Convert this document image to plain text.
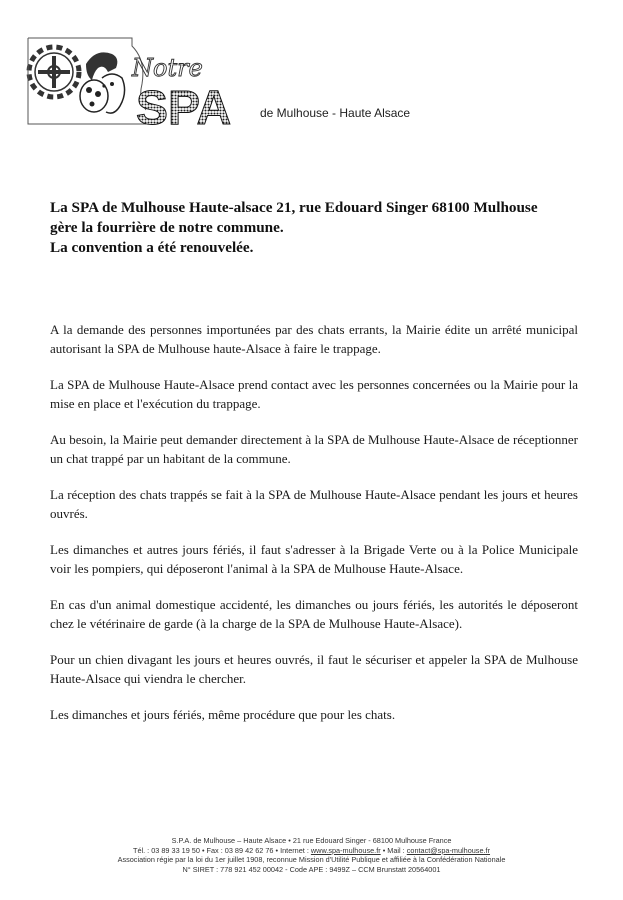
Notre
SPA de Mulhouse - Haute Alsace
La SPA de Mulhouse Haute-alsace 21, rue Edouard Singer 68100 Mulhouse
gère la fourrière de notre commune.
La convention a été renouvelée.

A la demande des personnes importunées par des chats errants, la Mairie édite un arrêté municipal autorisant la SPA de Mulhouse haute-Alsace à faire le trappage.

La SPA de Mulhouse Haute-Alsace prend contact avec les personnes concernées ou la Mairie pour la mise en place et l'exécution du trappage.

Au besoin, la Mairie peut demander directement à la SPA de Mulhouse Haute-Alsace de réceptionner un chat trappé par un habitant de la commune.

La réception des chats trappés se fait à la SPA de Mulhouse Haute-Alsace pendant les jours et heures ouvrés.

Les dimanches et autres jours fériés, il faut s'adresser à la Brigade Verte ou à la Police Municipale voir les pompiers, qui déposeront l'animal à la SPA de Mulhouse Haute-Alsace.

En cas d'un animal domestique accidenté, les dimanches ou jours fériés, les autorités le déposeront chez le vétérinaire de garde (à la charge de la SPA de Mulhouse Haute-Alsace).

Pour un chien divagant les jours et heures ouvrés, il faut le sécuriser et appeler la SPA de Mulhouse Haute-Alsace qui viendra le chercher.

Les dimanches et jours fériés, même procédure que pour les chats.

S.P.A. de Mulhouse – Haute Alsace • 21 rue Edouard Singer - 68100 Mulhouse France
Tél. : 03 89 33 19 50 • Fax : 03 89 42 62 76 • Internet : www.spa-mulhouse.fr • Mail : contact@spa-mulhouse.fr
Association régie par la loi du 1er juillet 1908, reconnue Mission d'Utilité Publique et affiliée à la Confédération Nationale
N° SIRET : 778 921 452 00042 - Code APE : 9499Z – CCM Brunstatt 20564001
